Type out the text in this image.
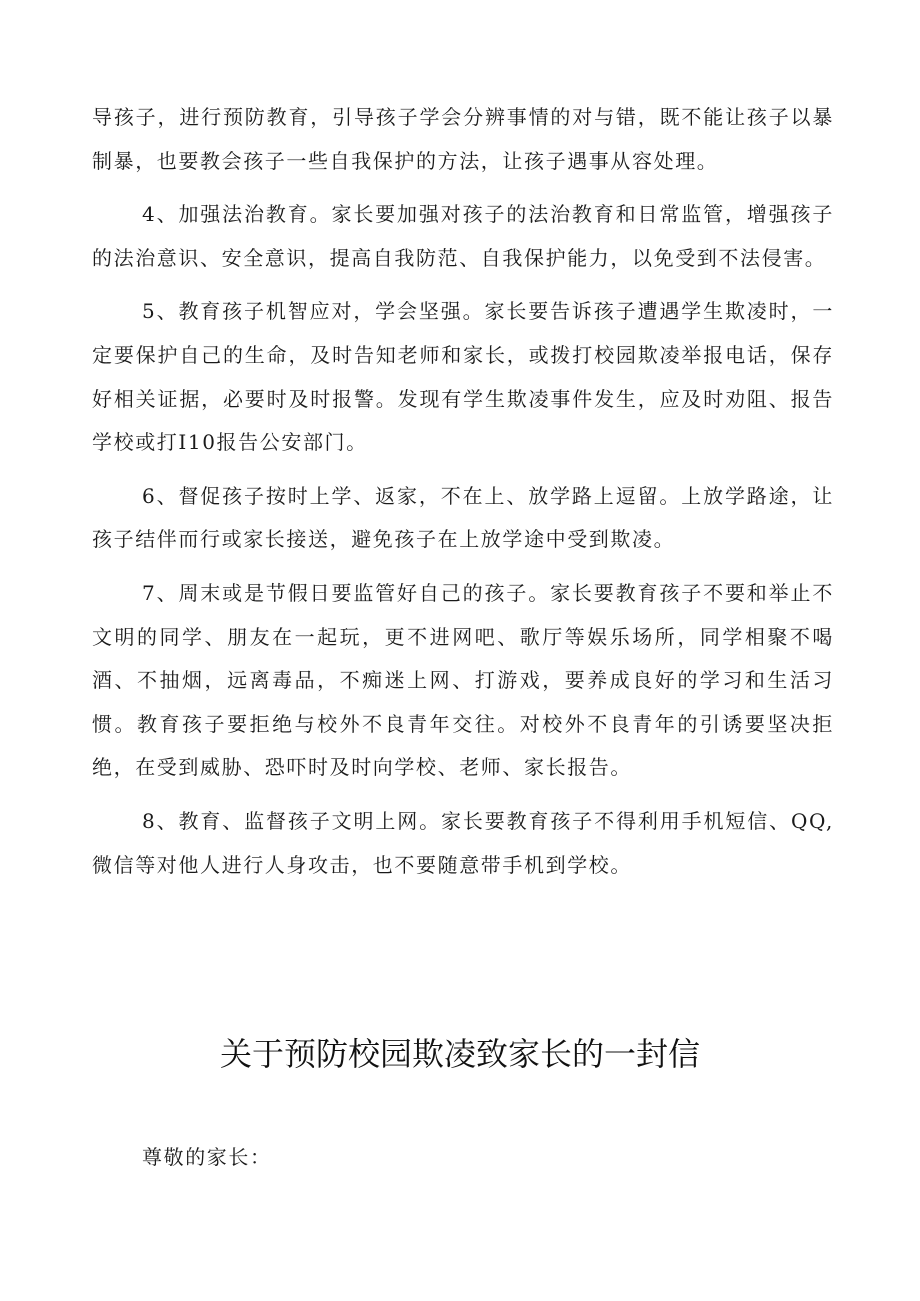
导孩子，进行预防教育，引导孩子学会分辨事情的对与错，既不能让孩子以暴制暴，也要教会孩子一些自我保护的方法，让孩子遇事从容处理。

4、加强法治教育。家长要加强对孩子的法治教育和日常监管，增强孩子的法治意识、安全意识，提高自我防范、自我保护能力，以免受到不法侵害。

5、教育孩子机智应对，学会坚强。家长要告诉孩子遭遇学生欺凌时，一定要保护自己的生命，及时告知老师和家长，或拨打校园欺凌举报电话，保存好相关证据，必要时及时报警。发现有学生欺凌事件发生，应及时劝阻、报告学校或打I10报告公安部门。

6、督促孩子按时上学、返家，不在上、放学路上逗留。上放学路途，让孩子结伴而行或家长接送，避免孩子在上放学途中受到欺凌。

7、周末或是节假日要监管好自己的孩子。家长要教育孩子不要和举止不文明的同学、朋友在一起玩，更不进网吧、歌厅等娱乐场所，同学相聚不喝酒、不抽烟，远离毒品，不痴迷上网、打游戏，要养成良好的学习和生活习惯。教育孩子要拒绝与校外不良青年交往。对校外不良青年的引诱要坚决拒绝，在受到威胁、恐吓时及时向学校、老师、家长报告。

8、教育、监督孩子文明上网。家长要教育孩子不得利用手机短信、QQ,微信等对他人进行人身攻击，也不要随意带手机到学校。

关于预防校园欺凌致家长的一封信
尊敬的家长：
